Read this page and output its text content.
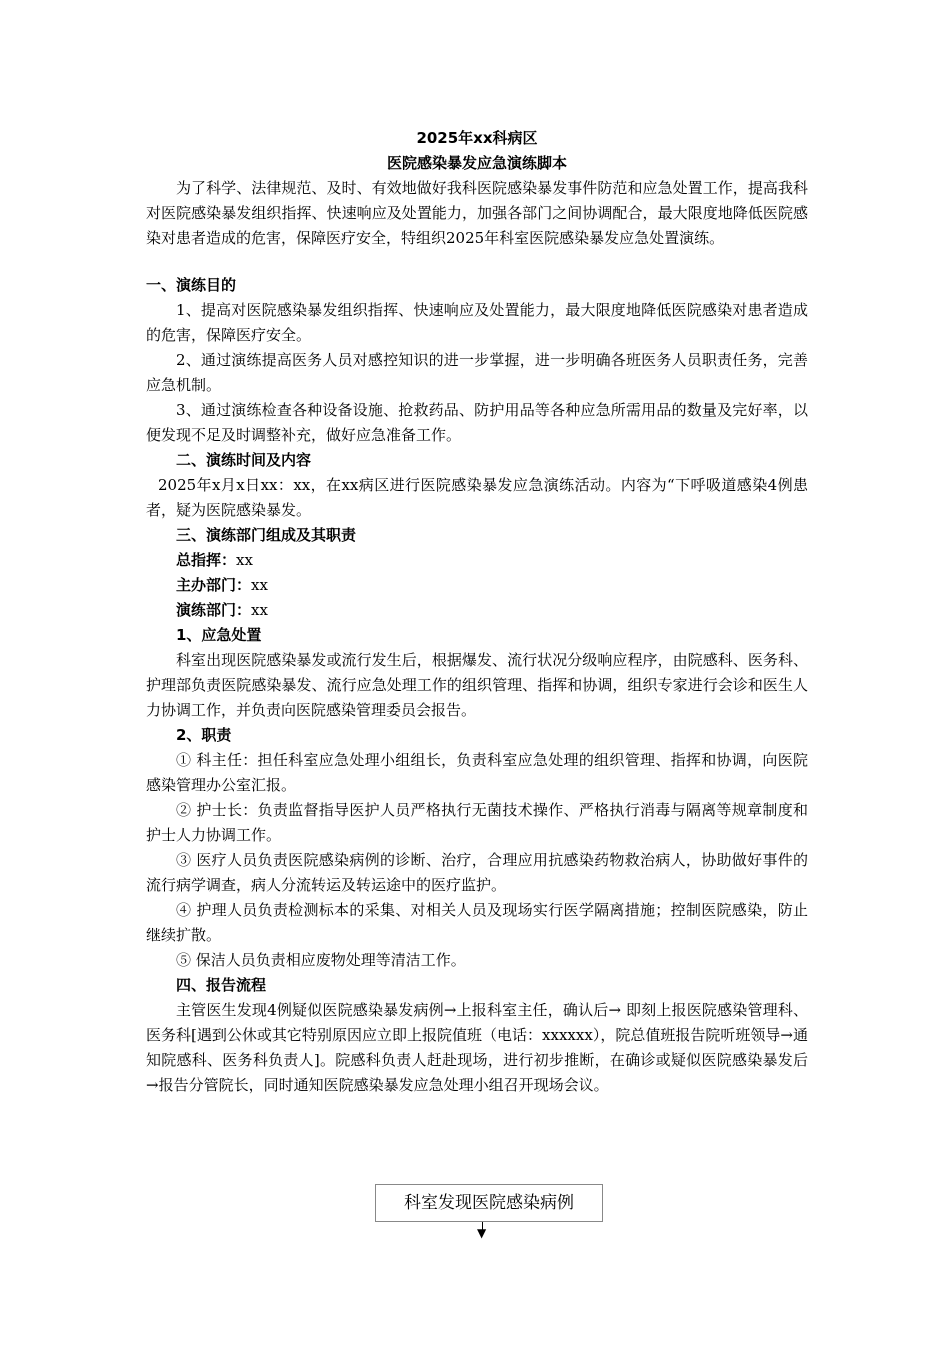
2025年xx科病区
医院感染暴发应急演练脚本

为了科学、法律规范、及时、有效地做好我科医院感染暴发事件防范和应急处置工作，提高我科对医院感染暴发组织指挥、快速响应及处置能力，加强各部门之间协调配合，最大限度地降低医院感染对患者造成的危害，保障医疗安全，特组织2025年科室医院感染暴发应急处置演练。

一、演练目的

1、提高对医院感染暴发组织指挥、快速响应及处置能力，最大限度地降低医院感染对患者造成的危害，保障医疗安全。

2、通过演练提高医务人员对感控知识的进一步掌握，进一步明确各班医务人员职责任务，完善应急机制。

3、通过演练检查各种设备设施、抢救药品、防护用品等各种应急所需用品的数量及完好率，以便发现不足及时调整补充，做好应急准备工作。

二、演练时间及内容

2025年x月x日xx：xx，在xx病区进行医院感染暴发应急演练活动。内容为“下呼吸道感染4例患者，疑为医院感染暴发。

三、演练部门组成及其职责

总指挥：xx

主办部门：xx

演练部门：xx

1、应急处置

科室出现医院感染暴发或流行发生后，根据爆发、流行状况分级响应程序，由院感科、医务科、护理部负责医院感染暴发、流行应急处理工作的组织管理、指挥和协调，组织专家进行会诊和医生人力协调工作，并负责向医院感染管理委员会报告。

2、职责

① 科主任：担任科室应急处理小组组长，负责科室应急处理的组织管理、指挥和协调，向医院感染管理办公室汇报。

② 护士长：负责监督指导医护人员严格执行无菌技术操作、严格执行消毒与隔离等规章制度和护士人力协调工作。

③ 医疗人员负责医院感染病例的诊断、治疗，合理应用抗感染药物救治病人，协助做好事件的流行病学调查，病人分流转运及转运途中的医疗监护。

④ 护理人员负责检测标本的采集、对相关人员及现场实行医学隔离措施；控制医院感染，防止继续扩散。

⑤ 保洁人员负责相应废物处理等清洁工作。

四、报告流程

主管医生发现4例疑似医院感染暴发病例→上报科室主任，确认后→ 即刻上报医院感染管理科、医务科[遇到公休或其它特别原因应立即上报院值班（电话：xxxxxx），院总值班报告院听班领导→通知院感科、医务科负责人]。院感科负责人赶赴现场，进行初步推断，在确诊或疑似医院感染暴发后→报告分管院长，同时通知医院感染暴发应急处理小组召开现场会议。

科室发现医院感染病例
▼
